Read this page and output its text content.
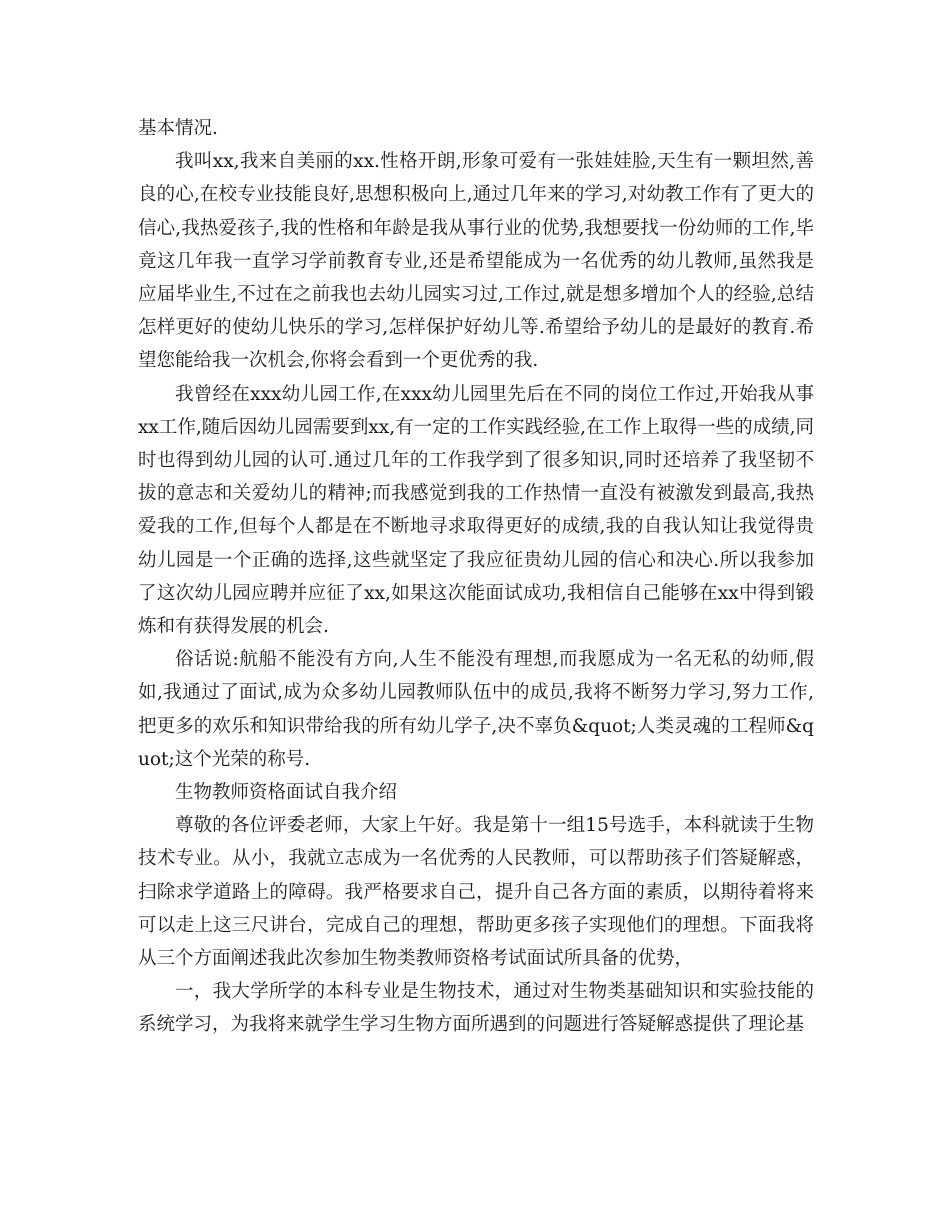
基本情况.

我叫xx,我来自美丽的xx.性格开朗,形象可爱有一张娃娃脸,天生有一颗坦然,善良的心,在校专业技能良好,思想积极向上,通过几年来的学习,对幼教工作有了更大的信心,我热爱孩子,我的性格和年龄是我从事行业的优势,我想要找一份幼师的工作,毕竟这几年我一直学习学前教育专业,还是希望能成为一名优秀的幼儿教师,虽然我是应届毕业生,不过在之前我也去幼儿园实习过,工作过,就是想多增加个人的经验,总结怎样更好的使幼儿快乐的学习,怎样保护好幼儿等.希望给予幼儿的是最好的教育.希望您能给我一次机会,你将会看到一个更优秀的我.

我曾经在xxx幼儿园工作,在xxx幼儿园里先后在不同的岗位工作过,开始我从事xx工作,随后因幼儿园需要到xx,有一定的工作实践经验,在工作上取得一些的成绩,同时也得到幼儿园的认可.通过几年的工作我学到了很多知识,同时还培养了我坚韧不拔的意志和关爱幼儿的精神;而我感觉到我的工作热情一直没有被激发到最高,我热爱我的工作,但每个人都是在不断地寻求取得更好的成绩,我的自我认知让我觉得贵幼儿园是一个正确的选择,这些就坚定了我应征贵幼儿园的信心和决心.所以我参加了这次幼儿园应聘并应征了xx,如果这次能面试成功,我相信自己能够在xx中得到锻炼和有获得发展的机会.

俗话说:航船不能没有方向,人生不能没有理想,而我愿成为一名无私的幼师,假如,我通过了面试,成为众多幼儿园教师队伍中的成员,我将不断努力学习,努力工作,把更多的欢乐和知识带给我的所有幼儿学子,决不辜负&quot;人类灵魂的工程师&quot;这个光荣的称号.

生物教师资格面试自我介绍

尊敬的各位评委老师，大家上午好。我是第十一组15号选手，本科就读于生物技术专业。从小，我就立志成为一名优秀的人民教师，可以帮助孩子们答疑解惑，扫除求学道路上的障碍。我严格要求自己，提升自己各方面的素质，以期待着将来可以走上这三尺讲台，完成自己的理想，帮助更多孩子实现他们的理想。下面我将从三个方面阐述我此次参加生物类教师资格考试面试所具备的优势，

一，我大学所学的本科专业是生物技术，通过对生物类基础知识和实验技能的系统学习，为我将来就学生学习生物方面所遇到的问题进行答疑解惑提供了理论基
